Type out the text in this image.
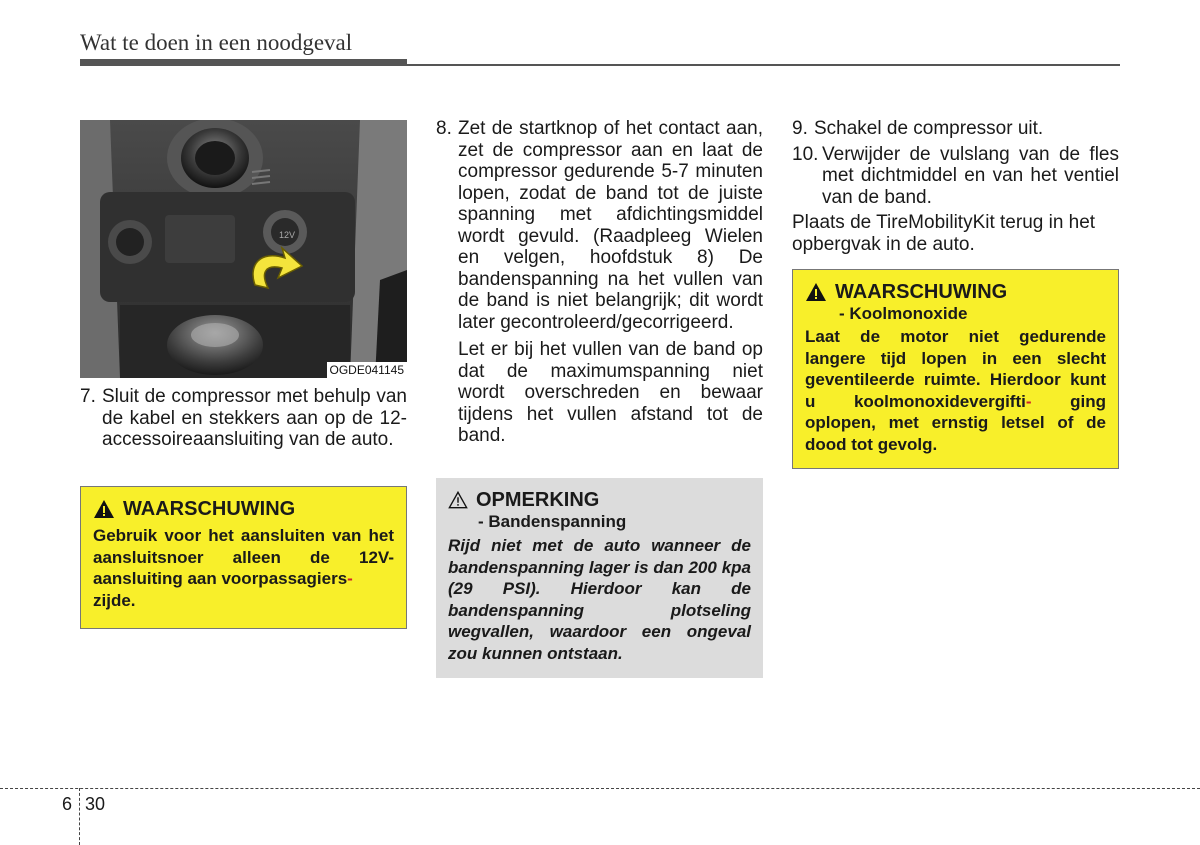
Wat te doen in een noodgeval
12V
OGDE041145
7. Sluit de compressor met behulp van de kabel en stekkers aan op de 12-accessoireaansluiting van de auto.
WAARSCHUWING
Gebruik voor het aansluiten van het aansluitsnoer alleen de 12V-aansluiting aan voorpassagiers-
zijde.
8. Zet de startknop of het contact aan, zet de compressor aan en laat de compressor gedurende 5-7 minuten lopen, zodat de band tot de juiste spanning met afdichtingsmiddel wordt gevuld. (Raadpleeg Wielen en velgen, hoofdstuk 8) De bandenspanning na het vullen van de band is niet belangrijk; dit wordt later gecontroleerd/gecorrigeerd.

Let er bij het vullen van de band op dat de maximumspanning niet wordt overschreden en bewaar tijdens het vullen afstand tot de band.

OPMERKING
- Bandenspanning
Rijd niet met de auto wanneer de bandenspanning lager is dan 200 kpa (29 PSI). Hierdoor kan de bandenspanning plotseling wegvallen, waardoor een ongeval zou kunnen ontstaan.
9. Schakel de compressor uit.
10. Verwijder de vulslang van de fles met dichtmiddel en van het ventiel van de band.

Plaats de TireMobilityKit terug in het opbergvak in de auto.

WAARSCHUWING
- Koolmonoxide
Laat de motor niet gedurende langere tijd lopen in een slecht geventileerde ruimte. Hierdoor kunt u koolmonoxidevergifti- ging oplopen, met ernstig letsel of de dood tot gevolg.
6 30
